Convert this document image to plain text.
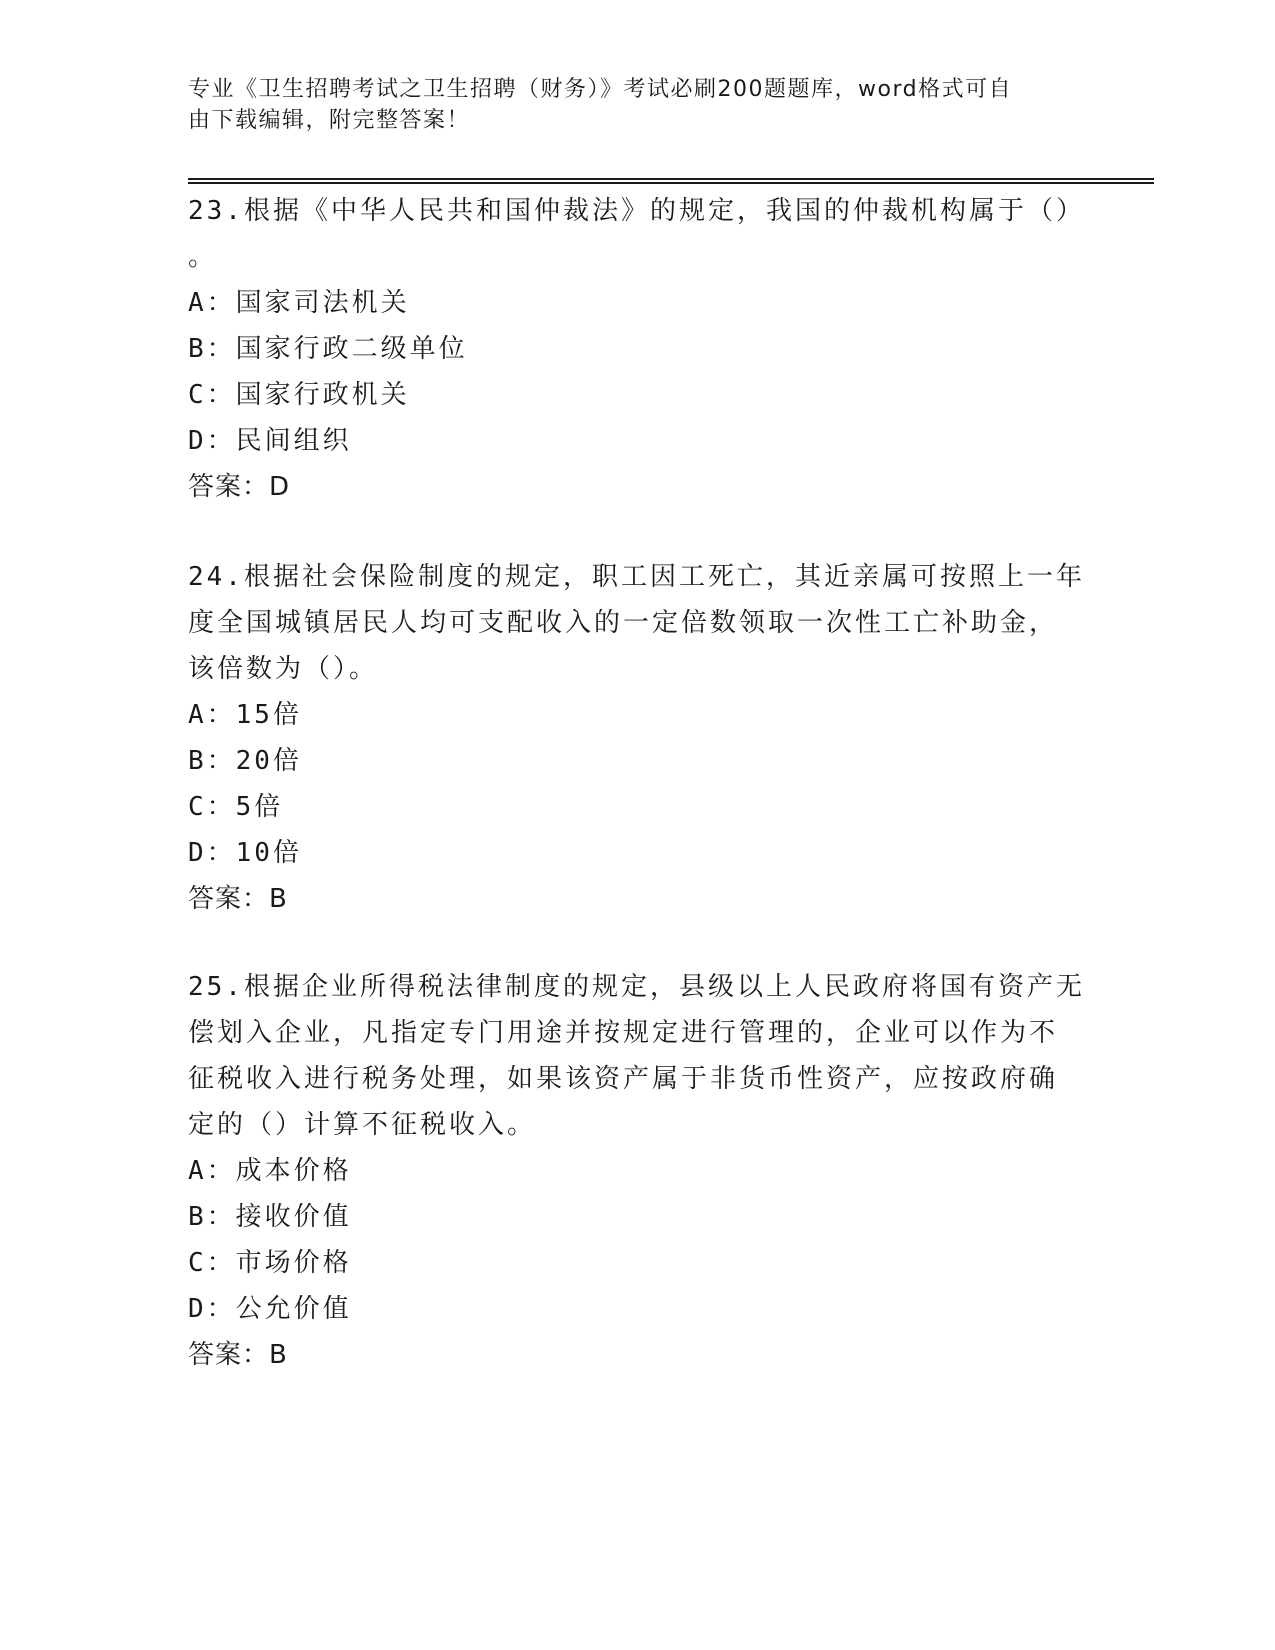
专业《卫生招聘考试之卫生招聘（财务）》考试必刷200题题库，word格式可自
由下载编辑，附完整答案！

23.根据《中华人民共和国仲裁法》的规定，我国的仲裁机构属于（）

。

A：国家司法机关

B：国家行政二级单位

C：国家行政机关

D：民间组织

答案：D

24.根据社会保险制度的规定，职工因工死亡，其近亲属可按照上一年

度全国城镇居民人均可支配收入的一定倍数领取一次性工亡补助金，

该倍数为（）。

A：15倍

B：20倍

C：5倍

D：10倍

答案：B

25.根据企业所得税法律制度的规定，县级以上人民政府将国有资产无

偿划入企业，凡指定专门用途并按规定进行管理的，企业可以作为不

征税收入进行税务处理，如果该资产属于非货币性资产，应按政府确

定的（）计算不征税收入。

A：成本价格

B：接收价值

C：市场价格

D：公允价值

答案：B
